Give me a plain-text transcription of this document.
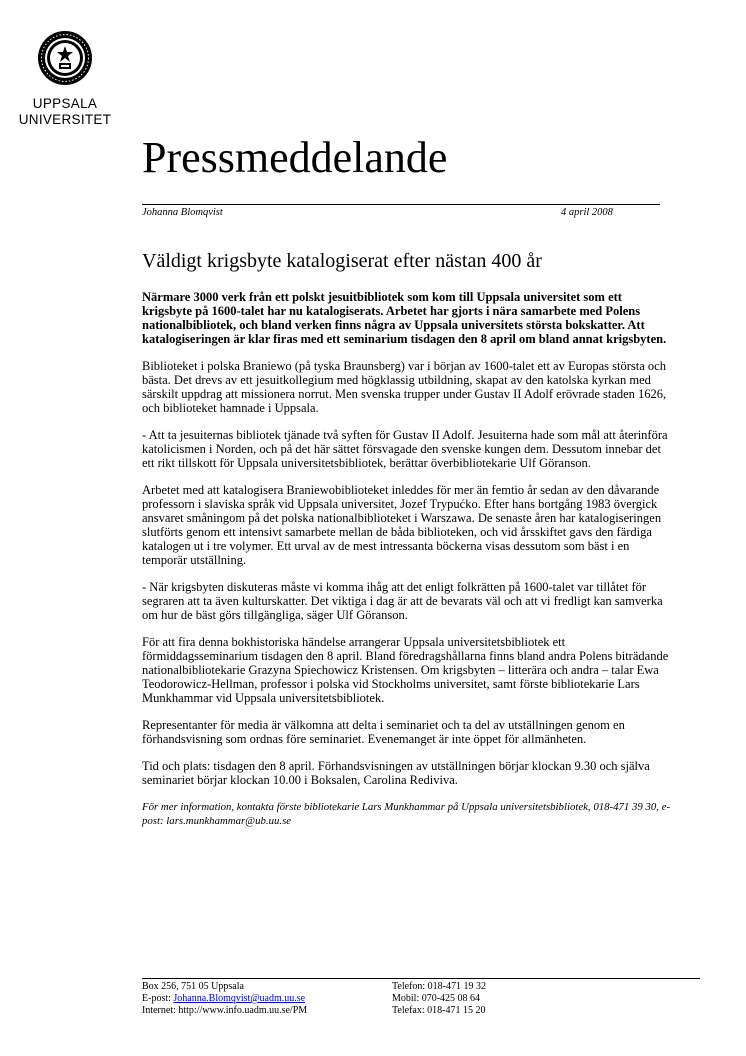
UPPSALA
UNIVERSITET
Pressmeddelande
Johanna Blomqvist	4 april 2008
Väldigt krigsbyte katalogiserat efter nästan 400 år

Närmare 3000 verk från ett polskt jesuitbibliotek som kom till Uppsala universitet som ett krigsbyte på 1600-talet har nu katalogiserats. Arbetet har gjorts i nära samarbete med Polens nationalbibliotek, och bland verken finns några av Uppsala universitets största bokskatter. Att katalogiseringen är klar firas med ett seminarium tisdagen den 8 april om bland annat krigsbyten.

Biblioteket i polska Braniewo (på tyska Braunsberg) var i början av 1600-talet ett av Europas största och bästa. Det drevs av ett jesuitkollegium med högklassig utbildning, skapat av den katolska kyrkan med särskilt uppdrag att missionera norrut. Men svenska trupper under Gustav II Adolf erövrade staden 1626, och biblioteket hamnade i Uppsala.

- Att ta jesuiternas bibliotek tjänade två syften för Gustav II Adolf. Jesuiterna hade som mål att återinföra katolicismen i Norden, och på det här sättet försvagade den svenske kungen dem. Dessutom innebar det ett rikt tillskott för Uppsala universitetsbibliotek, berättar överbibliotekarie Ulf Göranson.

Arbetet med att katalogisera Braniewobiblioteket inleddes för mer än femtio år sedan av den dåvarande professorn i slaviska språk vid Uppsala universitet, Jozef Trypućko. Efter hans bortgång 1983 övergick ansvaret småningom på det polska nationalbiblioteket i Warszawa. De senaste åren har katalogiseringen slutförts genom ett intensivt samarbete mellan de båda biblioteken, och vid årsskiftet gavs den färdiga katalogen ut i tre volymer. Ett urval av de mest intressanta böckerna visas dessutom som bäst i en temporär utställning.

- När krigsbyten diskuteras måste vi komma ihåg att det enligt folkrätten på 1600-talet var tillåtet för segraren att ta även kulturskatter. Det viktiga i dag är att de bevarats väl och att vi fredligt kan samverka om hur de bäst görs tillgängliga, säger Ulf Göranson.

För att fira denna bokhistoriska händelse arrangerar Uppsala universitetsbibliotek ett förmiddagsseminarium tisdagen den 8 april. Bland föredragshållarna finns bland andra Polens biträdande nationalbibliotekarie Grazyna Spiechowicz Kristensen. Om krigsbyten – litterära och andra – talar Ewa Teodorowicz-Hellman, professor i polska vid Stockholms universitet, samt förste bibliotekarie Lars Munkhammar vid Uppsala universitetsbibliotek.

Representanter för media är välkomna att delta i seminariet och ta del av utställningen genom en förhandsvisning som ordnas före seminariet. Evenemanget är inte öppet för allmänheten.

Tid och plats: tisdagen den 8 april. Förhandsvisningen av utställningen börjar klockan 9.30 och själva seminariet börjar klockan 10.00 i Boksalen, Carolina Rediviva.

För mer information, kontakta förste bibliotekarie Lars Munkhammar på Uppsala universitetsbibliotek, 018-471 39 30, e-post: lars.munkhammar@ub.uu.se

Box 256, 751 05 Uppsala
E-post: Johanna.Blomqvist@uadm.uu.se
Internet: http://www.info.uadm.uu.se/PM
Telefon: 018-471 19 32
Mobil: 070-425 08 64
Telefax: 018-471 15 20
